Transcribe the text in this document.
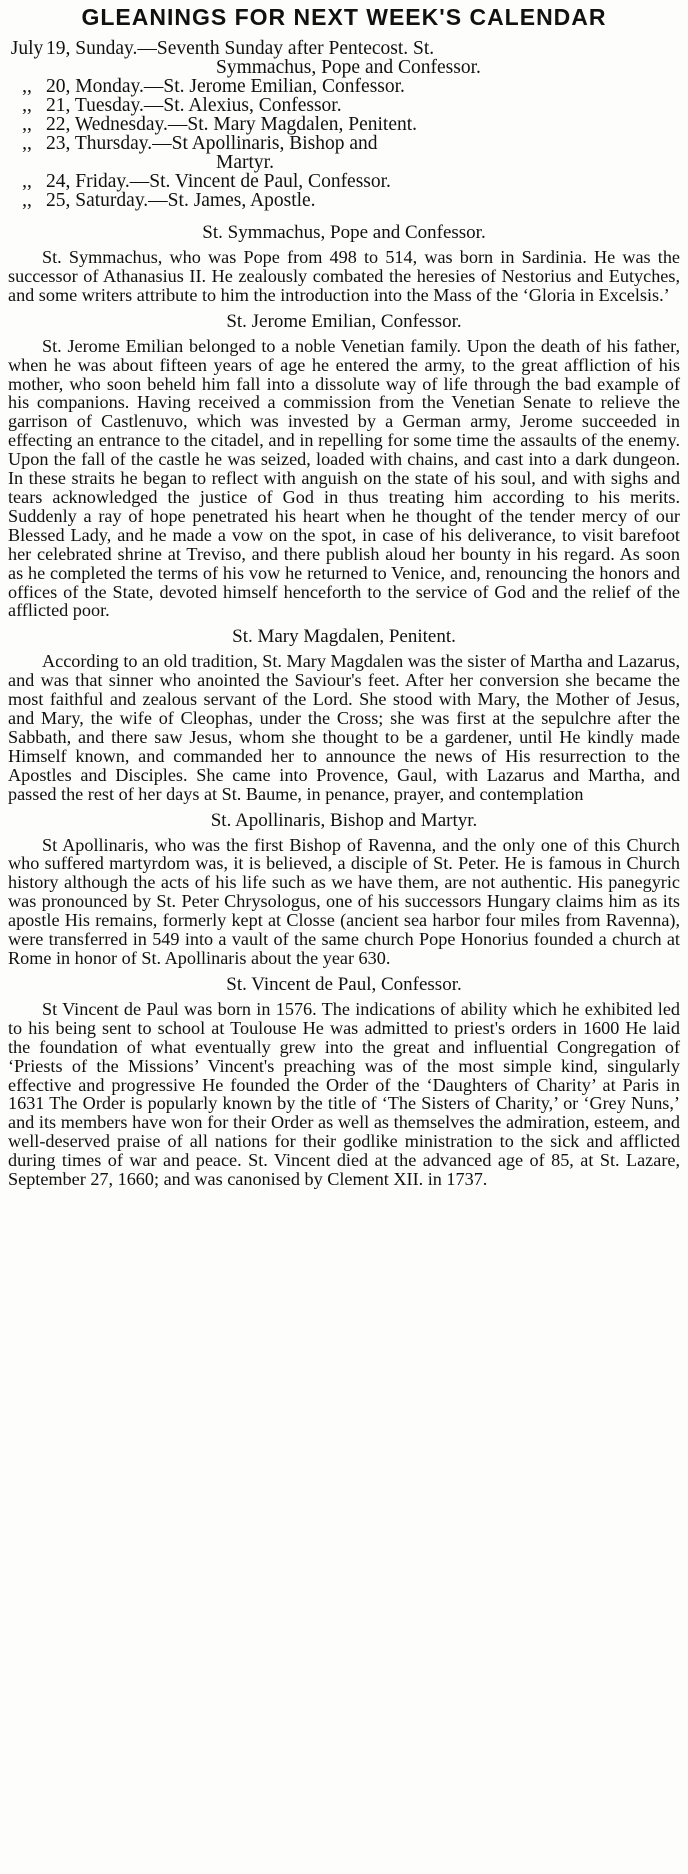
GLEANINGS FOR NEXT WEEK'S CALENDAR
July 19, Sunday.—Seventh Sunday after Pentecost. St.
Symmachus, Pope and Confessor.
,, 20, Monday.—St. Jerome Emilian, Confessor.
,, 21, Tuesday.—St. Alexius, Confessor.
,, 22, Wednesday.—St. Mary Magdalen, Penitent.
,, 23, Thursday.—St Apollinaris, Bishop and
Martyr.
,, 24, Friday.—St. Vincent de Paul, Confessor.
,, 25, Saturday.—St. James, Apostle.
St. Symmachus, Pope and Confessor.

St. Symmachus, who was Pope from 498 to 514, was born in Sardinia. He was the successor of Athanasius II. He zealously combated the heresies of Nestorius and Eutyches, and some writers attribute to him the introduction into the Mass of the ‘Gloria in Excelsis.’

St. Jerome Emilian, Confessor.

St. Jerome Emilian belonged to a noble Venetian family. Upon the death of his father, when he was about fifteen years of age he entered the army, to the great affliction of his mother, who soon beheld him fall into a dissolute way of life through the bad example of his companions. Having received a commission from the Venetian Senate to relieve the garrison of Castlenuvo, which was invested by a German army, Jerome succeeded in effecting an entrance to the citadel, and in repelling for some time the assaults of the enemy. Upon the fall of the castle he was seized, loaded with chains, and cast into a dark dungeon. In these straits he began to reflect with anguish on the state of his soul, and with sighs and tears acknowledged the justice of God in thus treating him according to his merits. Suddenly a ray of hope penetrated his heart when he thought of the tender mercy of our Blessed Lady, and he made a vow on the spot, in case of his deliverance, to visit barefoot her celebrated shrine at Treviso, and there publish aloud her bounty in his regard. As soon as he completed the terms of his vow he returned to Venice, and, renouncing the honors and offices of the State, devoted himself henceforth to the service of God and the relief of the afflicted poor.

St. Mary Magdalen, Penitent.

According to an old tradition, St. Mary Magdalen was the sister of Martha and Lazarus, and was that sinner who anointed the Saviour's feet. After her conversion she became the most faithful and zealous servant of the Lord. She stood with Mary, the Mother of Jesus, and Mary, the wife of Cleophas, under the Cross; she was first at the sepulchre after the Sabbath, and there saw Jesus, whom she thought to be a gardener, until He kindly made Himself known, and commanded her to announce the news of His resurrection to the Apostles and Disciples. She came into Provence, Gaul, with Lazarus and Martha, and passed the rest of her days at St. Baume, in penance, prayer, and contemplation

St. Apollinaris, Bishop and Martyr.

St Apollinaris, who was the first Bishop of Ravenna, and the only one of this Church who suffered martyrdom was, it is believed, a disciple of St. Peter. He is famous in Church history although the acts of his life such as we have them, are not authentic. His panegyric was pronounced by St. Peter Chrysologus, one of his successors Hungary claims him as its apostle His remains, formerly kept at Closse (ancient sea harbor four miles from Ravenna), were transferred in 549 into a vault of the same church Pope Honorius founded a church at Rome in honor of St. Apollinaris about the year 630.

St. Vincent de Paul, Confessor.

St Vincent de Paul was born in 1576. The indications of ability which he exhibited led to his being sent to school at Toulouse He was admitted to priest's orders in 1600 He laid the foundation of what eventually grew into the great and influential Congregation of ‘Priests of the Missions’ Vincent's preaching was of the most simple kind, singularly effective and progressive He founded the Order of the ‘Daughters of Charity’ at Paris in 1631 The Order is popularly known by the title of ‘The Sisters of Charity,’ or ‘Grey Nuns,’ and its members have won for their Order as well as themselves the admiration, esteem, and well-deserved praise of all nations for their godlike ministration to the sick and afflicted during times of war and peace. St. Vincent died at the advanced age of 85, at St. Lazare, September 27, 1660; and was canonised by Clement XII. in 1737.
